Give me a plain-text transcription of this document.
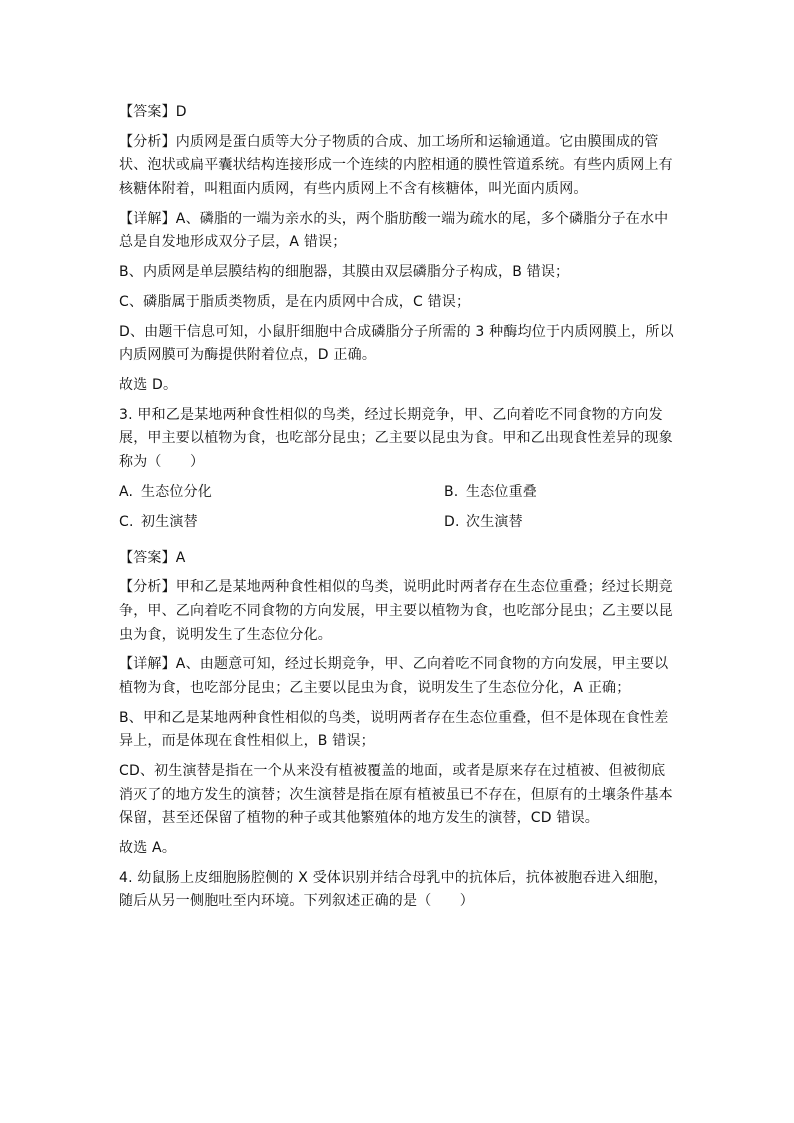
【答案】D

【分析】内质网是蛋白质等大分子物质的合成、加工场所和运输通道。它由膜围成的管状、泡状或扁平囊状结构连接形成一个连续的内腔相通的膜性管道系统。有些内质网上有核糖体附着，叫粗面内质网，有些内质网上不含有核糖体，叫光面内质网。

【详解】A、磷脂的一端为亲水的头，两个脂肪酸一端为疏水的尾，多个磷脂分子在水中总是自发地形成双分子层，A 错误；

B、内质网是单层膜结构的细胞器，其膜由双层磷脂分子构成，B 错误；

C、磷脂属于脂质类物质，是在内质网中合成，C 错误；

D、由题干信息可知，小鼠肝细胞中合成磷脂分子所需的 3 种酶均位于内质网膜上，所以内质网膜可为酶提供附着位点，D 正确。

故选 D。

3. 甲和乙是某地两种食性相似的鸟类，经过长期竞争，甲、乙向着吃不同食物的方向发展，甲主要以植物为食，也吃部分昆虫；乙主要以昆虫为食。甲和乙出现食性差异的现象称为（　　）

A. 生态位分化	B. 生态位重叠
C. 初生演替	D. 次生演替

【答案】A

【分析】甲和乙是某地两种食性相似的鸟类，说明此时两者存在生态位重叠；经过长期竞争，甲、乙向着吃不同食物的方向发展，甲主要以植物为食，也吃部分昆虫；乙主要以昆虫为食，说明发生了生态位分化。

【详解】A、由题意可知，经过长期竞争，甲、乙向着吃不同食物的方向发展，甲主要以植物为食，也吃部分昆虫；乙主要以昆虫为食，说明发生了生态位分化，A 正确；

B、甲和乙是某地两种食性相似的鸟类，说明两者存在生态位重叠，但不是体现在食性差异上，而是体现在食性相似上，B 错误；

CD、初生演替是指在一个从来没有植被覆盖的地面，或者是原来存在过植被、但被彻底消灭了的地方发生的演替；次生演替是指在原有植被虽已不存在，但原有的土壤条件基本保留，甚至还保留了植物的种子或其他繁殖体的地方发生的演替，CD 错误。

故选 A。

4. 幼鼠肠上皮细胞肠腔侧的 X 受体识别并结合母乳中的抗体后，抗体被胞吞进入细胞，随后从另一侧胞吐至内环境。下列叙述正确的是（　　）
